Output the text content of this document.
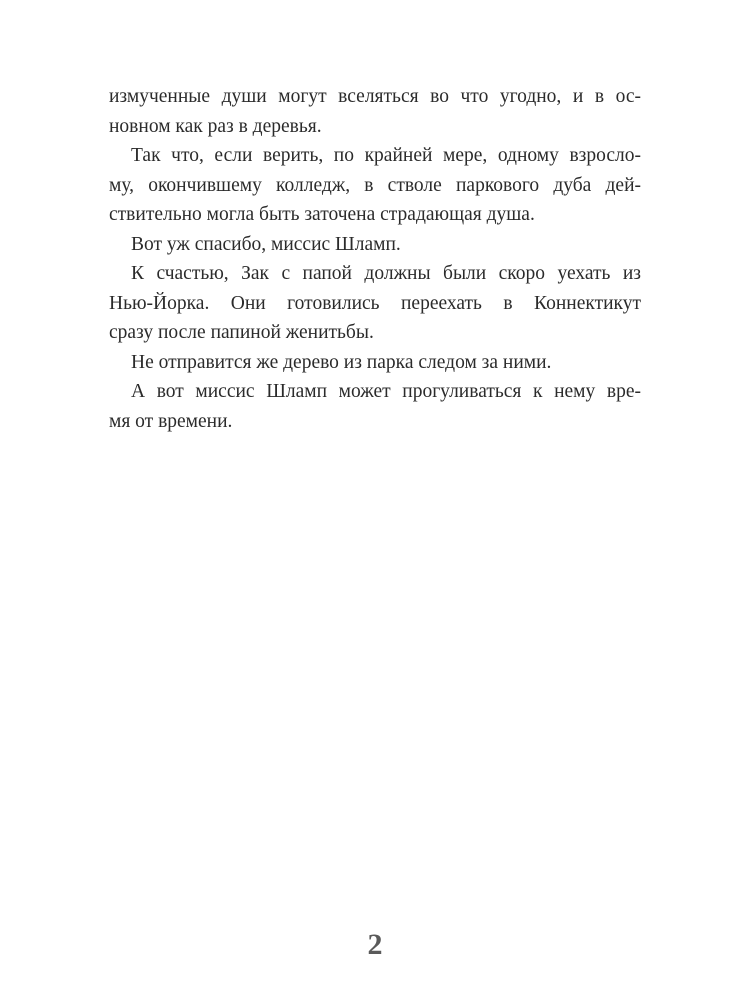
измученные души могут вселяться во что угодно, и в ос-
новном как раз в деревья.
Так что, если верить, по крайней мере, одному взросло-
му, окончившему колледж, в стволе паркового дуба дей-
ствительно могла быть заточена страдающая душа.
Вот уж спасибо, миссис Шламп.
К счастью, Зак с папой должны были скоро уехать из
Нью-Йорка. Они готовились переехать в Коннектикут
сразу после папиной женитьбы.
Не отправится же дерево из парка следом за ними.
А вот миссис Шламп может прогуливаться к нему вре-
мя от времени.
2
